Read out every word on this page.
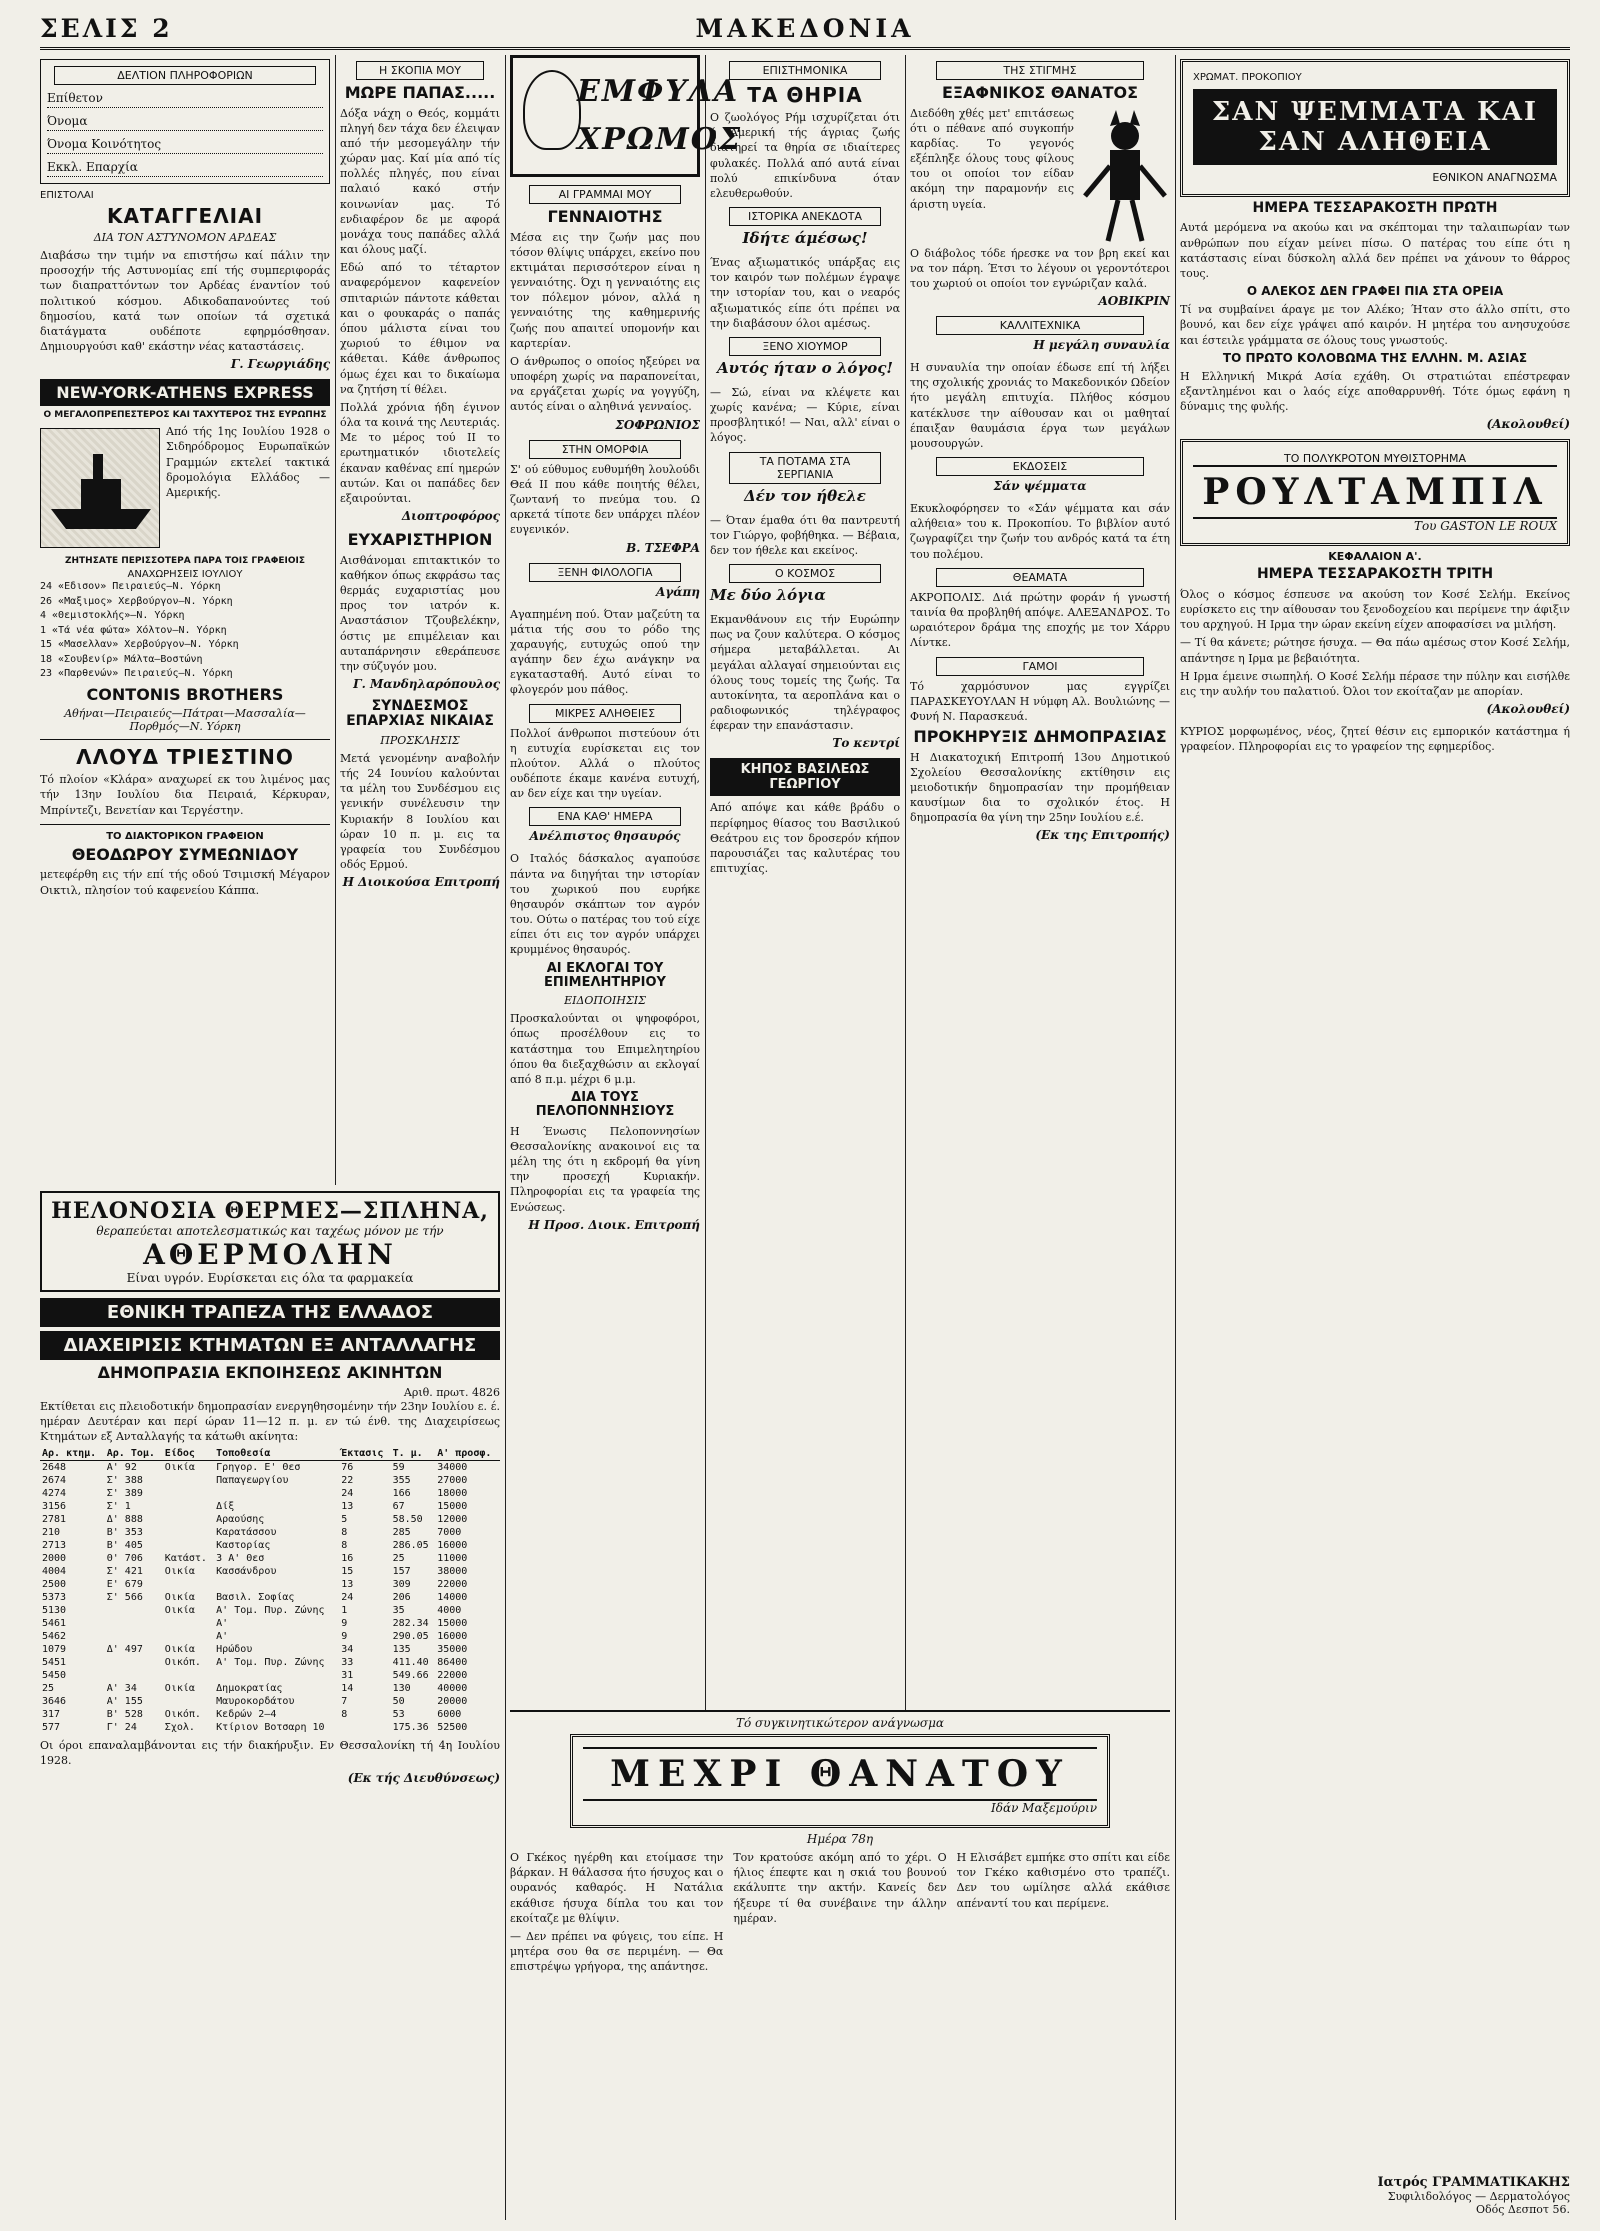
ΣΕΛΙΣ 2	ΜΑΚΕΔΟΝΙΑ
ΔΕΛΤΙΟΝ ΠΛΗΡΟΦΟΡΙΩΝ
Επίθετον
Όνομα
Όνομα Κοινότητος
Εκκλ. Επαρχία
ΕΠΙΣΤΟΛΑΙ
ΚΑΤΑΓΓΕΛΙΑΙ
ΔΙΑ ΤΟΝ ΑΣΤΥΝΟΜΟΝ ΑΡΔΕΑΣ

Διαβάσω την τιμήν να επιστήσω καί πάλιν την προσοχήν τής Αστυνομίας επί τής συμπεριφοράς των διαπραττόντων τον Αρδέας έναντίον τού πολιτικού κόσμου. Αδικοδαπανούντες τού δημοσίου, κατά των οποίων τά σχετικά διατάγματα ουδέποτε εφηρμόσθησαν. Δημιουργούσι καθ' εκάστην νέας καταστάσεις.

Γ. Γεωργιάδης
NEW-YORK-ATHENS EXPRESS
Ο ΜΕΓΑΛΟΠΡΕΠΕΣΤΕΡΟΣ ΚΑΙ ΤΑΧΥΤΕΡΟΣ ΤΗΣ ΕΥΡΩΠΗΣ

Από τής 1ης Ιουλίου 1928 ο Σιδηρόδρομος Ευρωπαϊκών Γραμμών εκτελεί τακτικά δρομολόγια Ελλάδος — Αμερικής.

ΖΗΤΗΣΑΤΕ ΠΕΡΙΣΣΟΤΕΡΑ ΠΑΡΑ ΤΟΙΣ ΓΡΑΦΕΙΟΙΣ
ΑΝΑΧΩΡΗΣΕΙΣ ΙΟΥΛΙΟΥ
24 «Εδισον» Πειραιεύς—Ν. Υόρκη
26 «Μαξιμος» Χερβούργον—Ν. Υόρκη
4 «Θεμιστοκλής»—Ν. Υόρκη
1 «Τά νέα φώτα» Χόλτον—Ν. Υόρκη
15 «Μασελλαν» Χερβούργον—Ν. Υόρκη
18 «Σουβενίρ» Μάλτα—Βοστώνη
23 «Παρθενών» Πειραιεύς—Ν. Υόρκη
CONTONIS BROTHERS
Αθήναι—Πειραιεύς—Πάτραι—Μασσαλία—Πορθμός—Ν. Υόρκη
ΛΛΟΥΔ ΤΡΙΕΣΤΙΝΟ

Τό πλοίον «Κλάρα» αναχωρεί εκ του λιμένος μας τήν 13ην Ιουλίου δια Πειραιά, Κέρκυραν, Μπρίντεζι, Βενετίαν και Τεργέστην.

ΤΟ ΔΙΑΚΤΟΡΙΚΟΝ ΓΡΑΦΕΙΟΝ
ΘΕΟΔΩΡΟΥ ΣΥΜΕΩΝΙΔΟΥ

μετεφέρθη εις τήν επί τής οδού Τσιμισκή Μέγαρον Οικτιλ, πλησίον τού καφενείου Κάππα.

Η ΣΚΟΠΙΑ ΜΟΥ
ΜΩΡΕ ΠΑΠΑΣ.....

Δόξα νάχη ο Θεός, κομμάτι πληγή δεν τάχα δεν έλειψαν από τήν μεσομεγάλην τήν χώραν μας. Καί μία από τίς πολλές πληγές, που είναι παλαιό κακό στήν κοινωνίαν μας. Τό ενδιαφέρον δε με αφορά μονάχα τους παπάδες αλλά και όλους μαζί.

Εδώ από το τέταρτον αναφερόμενον καφενείον σπιταριών πάντοτε κάθεται και ο φουκαράς ο παπάς όπου μάλιστα είναι του χωριού το έθιμον να κάθεται. Κάθε άνθρωπος όμως έχει και το δικαίωμα να ζητήση τί θέλει.

Πολλά χρόνια ήδη έγινον όλα τα κοινά της Λευτεριάς. Με το μέρος τού ΙΙ το ερωτηματικόν ιδιοτελείς έκαναν καθένας επί ημερών αυτών. Και οι παπάδες δεν εξαιρούνται.

Διοπτροφόρος
ΕΥΧΑΡΙΣΤΗΡΙΟΝ

Αισθάνομαι επιτακτικόν το καθήκον όπως εκφράσω τας θερμάς ευχαριστίας μου προς τον ιατρόν κ. Αναστάσιον Τζουβελέκην, όστις με επιμέλειαν και αυταπάρνησιν εθεράπευσε την σύζυγόν μου.

Γ. Μανδηλαρόπουλος
ΣΥΝΔΕΣΜΟΣ ΕΠΑΡΧΙΑΣ ΝΙΚΑΙΑΣ
ΠΡΟΣΚΛΗΣΙΣ

Μετά γενομένην αναβολήν τής 24 Ιουνίου καλούνται τα μέλη του Συνδέσμου εις γενικήν συνέλευσιν την Κυριακήν 8 Ιουλίου και ώραν 10 π. μ. εις τα γραφεία του Συνδέσμου οδός Ερμού.

Η Διοικούσα Επιτροπή
ΗΕΛΟΝΟΣΙΑ ΘΕΡΜΕΣ—ΣΠΛΗΝΑ,
θεραπεύεται αποτελεσματικώς και ταχέως μόνον με τήν
ΑΘΕΡΜΟΛΗΝ
Είναι υγρόν. Ευρίσκεται εις όλα τα φαρμακεία
ΕΘΝΙΚΗ ΤΡΑΠΕΖΑ ΤΗΣ ΕΛΛΑΔΟΣ
ΔΙΑΧΕΙΡΙΣΙΣ ΚΤΗΜΑΤΩΝ ΕΞ ΑΝΤΑΛΛΑΓΗΣ
ΔΗΜΟΠΡΑΣΙΑ ΕΚΠΟΙΗΣΕΩΣ ΑΚΙΝΗΤΩΝ
Αριθ. πρωτ. 4826

Εκτίθεται εις πλειοδοτικήν δημοπρασίαν ενεργηθησομένην τήν 23ην Ιουλίου ε. έ. ημέραν Δευτέραν και περί ώραν 11—12 π. μ. εν τώ ένθ. της Διαχειρίσεως Κτημάτων εξ Ανταλλαγής τα κάτωθι ακίνητα:

Αρ. κτημ.	Αρ. Τομ.	Είδος	Τοποθεσία	Έκτασις	Τ. μ.	Α' προσφ.
2648	Α' 92	Οικία	Γρηγορ. Ε' Θεσ	76	59	34000
2674	Σ' 388		Παπαγεωργίου	22	355	27000
4274	Σ' 389			24	166	18000
3156	Σ' 1		Δίξ	13	67	15000
2781	Δ' 888		Αραούσης	5	58.50	12000
210	Β' 353		Καρατάσσου	8	285	7000
2713	Β' 405		Καστορίας	8	286.05	16000
2000	Θ' 706	Κατάστ.	3 Α' Θεσ	16	25	11000
4004	Σ' 421	Οικία	Κασσάνδρου	15	157	38000
2500	Ε' 679			13	309	22000
5373	Σ' 566	Οικία	Βασιλ. Σοφίας	24	206	14000
5130		Οικία	Α' Τομ. Πυρ. Ζώνης	1	35	4000
5461			Α'	9	282.34	15000
5462			Α'	9	290.05	16000
1079	Δ' 497	Οικία	Ηρώδου	34	135	35000
5451		Οικόπ.	Α' Τομ. Πυρ. Ζώνης	33	411.40	86400
5450				31	549.66	22000
25	Α' 34	Οικία	Δημοκρατίας	14	130	40000
3646	Α' 155		Μαυροκορδάτου	7	50	20000
317	Β' 528	Οικόπ.	Κεδρών 2—4	8	53	6000
577	Γ' 24	Σχολ.	Κτίριον Βοτσαρη 10		175.36	52500

Οι όροι επαναλαμβάνονται εις τήν διακήρυξιν. Εν Θεσσαλονίκη τή 4η Ιουλίου 1928.

(Εκ τής Διευθύνσεως)
ΕΜΦΥΛΑ ΧΡΩΜΟΣ
ΑΙ ΓΡΑΜΜΑΙ ΜΟΥ
ΓΕΝΝΑΙΟΤΗΣ

Μέσα εις την ζωήν μας που τόσον θλίψις υπάρχει, εκείνο που εκτιμάται περισσότερον είναι η γενναιότης. Όχι η γενναιότης εις τον πόλεμον μόνον, αλλά η γενναιότης της καθημερινής ζωής που απαιτεί υπομονήν και καρτερίαν.

Ο άνθρωπος ο οποίος ηξεύρει να υποφέρη χωρίς να παραπονείται, να εργάζεται χωρίς να γογγύζη, αυτός είναι ο αληθινά γενναίος.

ΣΟΦΡΩΝΙΟΣ
ΣΤΗΝ ΟΜΟΡΦΙΑ

Σ' ού εύθυμος ευθυμήθη λουλούδι Θεά ΙΙ που κάθε ποιητής θέλει, ζωντανή το πνεύμα του. Ω αρκετά τίποτε δεν υπάρχει πλέον ευγενικόν.

Β. ΤΣΕΦΡΑ
ΞΕΝΗ ΦΙΛΟΛΟΓΙΑ
Αγάπη

Αγαπημένη πού. Όταν μαζεύτη τα μάτια τής σου το ρόδο της χαραυγής, ευτυχώς οπού την αγάπην δεν έχω ανάγκην να εγκατασταθή. Αυτό είναι το φλογερόν μου πάθος.

ΜΙΚΡΕΣ ΑΛΗΘΕΙΕΣ

Πολλοί άνθρωποι πιστεύουν ότι η ευτυχία ευρίσκεται εις τον πλούτον. Αλλά ο πλούτος ουδέποτε έκαμε κανένα ευτυχή, αν δεν είχε και την υγείαν.

ΕΝΑ ΚΑΘ' ΗΜΕΡΑ
Ανέλπιστος θησαυρός

Ο Ιταλός δάσκαλος αγαπούσε πάντα να διηγήται την ιστορίαν του χωρικού που ευρήκε θησαυρόν σκάπτων τον αγρόν του. Ούτω ο πατέρας του τού είχε είπει ότι εις τον αγρόν υπάρχει κρυμμένος θησαυρός.

ΑΙ ΕΚΛΟΓΑΙ ΤΟΥ ΕΠΙΜΕΛΗΤΗΡΙΟΥ
ΕΙΔΟΠΟΙΗΣΙΣ

Προσκαλούνται οι ψηφοφόροι, όπως προσέλθουν εις το κατάστημα του Επιμελητηρίου όπου θα διεξαχθώσιν αι εκλογαί από 8 π.μ. μέχρι 6 μ.μ.

ΔΙΑ ΤΟΥΣ ΠΕΛΟΠΟΝΝΗΣΙΟΥΣ

Η Ένωσις Πελοποννησίων Θεσσαλονίκης ανακοινοί εις τα μέλη της ότι η εκδρομή θα γίνη την προσεχή Κυριακήν. Πληροφορίαι εις τα γραφεία της Ενώσεως.

Η Προσ. Διοικ. Επιτροπή
ΕΠΙΣΤΗΜΟΝΙΚΑ
ΤΑ ΘΗΡΙΑ

Ο ζωολόγος Ρήμ ισχυρίζεται ότι ή Αμερική τής άγριας ζωής διατηρεί τα θηρία σε ιδιαίτερες φυλακές. Πολλά από αυτά είναι πολύ επικίνδυνα όταν ελευθερωθούν.

ΙΣΤΟΡΙΚΑ ΑΝΕΚΔΟΤΑ
Ιδήτε άμέσως!

Ένας αξιωματικός υπάρξας εις τον καιρόν των πολέμων έγραψε την ιστορίαν του, και ο νεαρός αξιωματικός είπε ότι πρέπει να την διαβάσουν όλοι αμέσως.

ΞΕΝΟ ΧΙΟΥΜΟΡ
Αυτός ήταν ο λόγος!

— Σώ, είναι να κλέψετε και χωρίς κανένα; — Κύριε, είναι προσβλητικό! — Ναι, αλλ' είναι ο λόγος.

ΤΑ ΠΟΤΑΜΑ ΣΤΑ ΣΕΡΓΙΑΝΙΑ
Δέν τον ήθελε

— Όταν έμαθα ότι θα παντρευτή τον Γιώργο, φοβήθηκα. — Βέβαια, δεν τον ήθελε και εκείνος.

Ο ΚΟΣΜΟΣ
Με δύο λόγια

Εκμανθάνουν εις τήν Ευρώπην πως να ζουν καλύτερα. Ο κόσμος σήμερα μεταβάλλεται. Αι μεγάλαι αλλαγαί σημειούνται εις όλους τους τομείς της ζωής. Τα αυτοκίνητα, τα αεροπλάνα και ο ραδιοφωνικός τηλέγραφος έφεραν την επανάστασιν.

Το κεντρί
ΚΗΠΟΣ ΒΑΣΙΛΕΩΣ ΓΕΩΡΓΙΟΥ

Από απόψε και κάθε βράδυ ο περίφημος θίασος του Βασιλικού Θεάτρου εις τον δροσερόν κήπον παρουσιάζει τας καλυτέρας του επιτυχίας.

ΤΗΣ ΣΤΙΓΜΗΣ
ΕΞΑΦΝΙΚΟΣ ΘΑΝΑΤΟΣ

Διεδόθη χθές μετ' επιτάσεως ότι ο πέθανε από συγκοπήν καρδίας. Το γεγονός εξέπληξε όλους τους φίλους του οι οποίοι τον είδαν ακόμη την παραμονήν εις άριστη υγεία.

Ο διάβολος τόδε ήρεσκε να τον βρη εκεί και να τον πάρη. Έτσι το λέγουν οι γεροντότεροι του χωριού οι οποίοι τον εγνώριζαν καλά.

ΑΟΒΙΚΡΙΝ
ΚΑΛΛΙΤΕΧΝΙΚΑ
Η μεγάλη συναυλία

Η συναυλία την οποίαν έδωσε επί τή λήξει της σχολικής χρονιάς το Μακεδονικόν Ωδείον ήτο μεγάλη επιτυχία. Πλήθος κόσμου κατέκλυσε την αίθουσαν και οι μαθηταί έπαιξαν θαυμάσια έργα των μεγάλων μουσουργών.

ΕΚΔΟΣΕΙΣ
Σάν ψέμματα

Εκυκλοφόρησεν το «Σάν ψέμματα και σάν αλήθεια» του κ. Προκοπίου. Το βιβλίον αυτό ζωγραφίζει την ζωήν του ανδρός κατά τα έτη του πολέμου.

ΘΕΑΜΑΤΑ

ΑΚΡΟΠΟΛΙΣ. Διά πρώτην φοράν ή γνωστή ταινία θα προβληθή απόψε. ΑΛΕΞΑΝΔΡΟΣ. Το ωραιότερον δράμα της εποχής με τον Χάρρυ Λίντκε.

ΓΑΜΟΙ

Τό χαρμόσυνον μας εγγρίζει ΠΑΡΑΣΚΕΥΟΥΛΑΝ Η νύμφη Αλ. Βουλιώνης — Φυνή Ν. Παρασκευά.

ΠΡΟΚΗΡΥΞΙΣ ΔΗΜΟΠΡΑΣΙΑΣ

Η Διακατοχική Επιτροπή 13ου Δημοτικού Σχολείου Θεσσαλονίκης εκτίθησιν εις μειοδοτικήν δημοπρασίαν την προμήθειαν καυσίμων δια το σχολικόν έτος. Η δημοπρασία θα γίνη την 25ην Ιουλίου ε.έ.

(Εκ της Επιτροπής)
ΧΡΩΜΑΤ. ΠΡΟΚΟΠΙΟΥ
ΣΑΝ ΨΕΜΜΑΤΑ ΚΑΙ ΣΑΝ ΑΛΗΘΕΙΑ
ΕΘΝΙΚΟΝ ΑΝΑΓΝΩΣΜΑ
ΗΜΕΡΑ ΤΕΣΣΑΡΑΚΟΣΤΗ ΠΡΩΤΗ

Αυτά μερόμενα να ακούω και να σκέπτομαι την ταλαιπωρίαν των ανθρώπων που είχαν μείνει πίσω. Ο πατέρας του είπε ότι η κατάστασις είναι δύσκολη αλλά δεν πρέπει να χάνουν το θάρρος τους.

Ο ΑΛΕΚΟΣ ΔΕΝ ΓΡΑΦΕΙ ΠΙΑ ΣΤΑ ΟΡΕΙΑ

Τί να συμβαίνει άραγε με τον Αλέκο; Ήταν στο άλλο σπίτι, στο βουνό, και δεν είχε γράψει από καιρόν. Η μητέρα του ανησυχούσε και έστειλε γράμματα σε όλους τους γνωστούς.

ΤΟ ΠΡΩΤΟ ΚΟΛΟΒΩΜΑ ΤΗΣ ΕΛΛΗΝ. Μ. ΑΣΙΑΣ

Η Ελληνική Μικρά Ασία εχάθη. Οι στρατιώται επέστρεφαν εξαντλημένοι και ο λαός είχε αποθαρρυνθή. Τότε όμως εφάνη η δύναμις της φυλής.

(Ακολουθεί)
ΤΟ ΠΟΛΥΚΡΟΤΟΝ ΜΥΘΙΣΤΟΡΗΜΑ
ΡΟΥΛΤΑΜΠΙΛ
Του GASTON LE ROUX
ΚΕΦΑΛΑΙΟΝ Α'.
ΗΜΕΡΑ ΤΕΣΣΑΡΑΚΟΣΤΗ ΤΡΙΤΗ

Όλος ο κόσμος έσπευσε να ακούση τον Κοσέ Σελήμ. Εκείνος ευρίσκετο εις την αίθουσαν του ξενοδοχείου και περίμενε την άφιξιν του αρχηγού. Η Ιρμα την ώραν εκείνη είχεν αποφασίσει να μιλήση.

— Τί θα κάνετε; ρώτησε ήσυχα. — Θα πάω αμέσως στον Κοσέ Σελήμ, απάντησε η Ιρμα με βεβαιότητα.

Η Ιρμα έμεινε σιωπηλή. Ο Κοσέ Σελήμ πέρασε την πύλην και εισήλθε εις την αυλήν του παλατιού. Όλοι τον εκοίταζαν με απορίαν.

(Ακολουθεί)

ΚΥΡΙΟΣ μορφωμένος, νέος, ζητεί θέσιν εις εμπορικόν κατάστημα ή γραφείον. Πληροφορίαι εις το γραφείον της εφημερίδος.

Ιατρός ΓΡΑΜΜΑΤΙΚΑΚΗΣ
Συφιλιδολόγος — Δερματολόγος
Οδός Δεσποτ 56.
Τό συγκινητικώτερον ανάγνωσμα
ΜΕΧΡΙ ΘΑΝΑΤΟΥ
Ιδάν Μαξεμούριν
Ημέρα 78η

Ο Γκέκος ηγέρθη και ετοίμασε την βάρκαν. Η θάλασσα ήτο ήσυχος και ο ουρανός καθαρός. Η Νατάλια εκάθισε ήσυχα δίπλα του και τον εκοίταζε με θλίψιν.

— Δεν πρέπει να φύγεις, του είπε. Η μητέρα σου θα σε περιμένη. — Θα επιστρέψω γρήγορα, της απάντησε.

Τον κρατούσε ακόμη από το χέρι. Ο ήλιος έπεφτε και η σκιά του βουνού εκάλυπτε την ακτήν. Κανείς δεν ήξευρε τί θα συνέβαινε την άλλην ημέραν.

Η Ελισάβετ εμπήκε στο σπίτι και είδε τον Γκέκο καθισμένο στο τραπέζι. Δεν του ωμίλησε αλλά εκάθισε απέναντί του και περίμενε.
